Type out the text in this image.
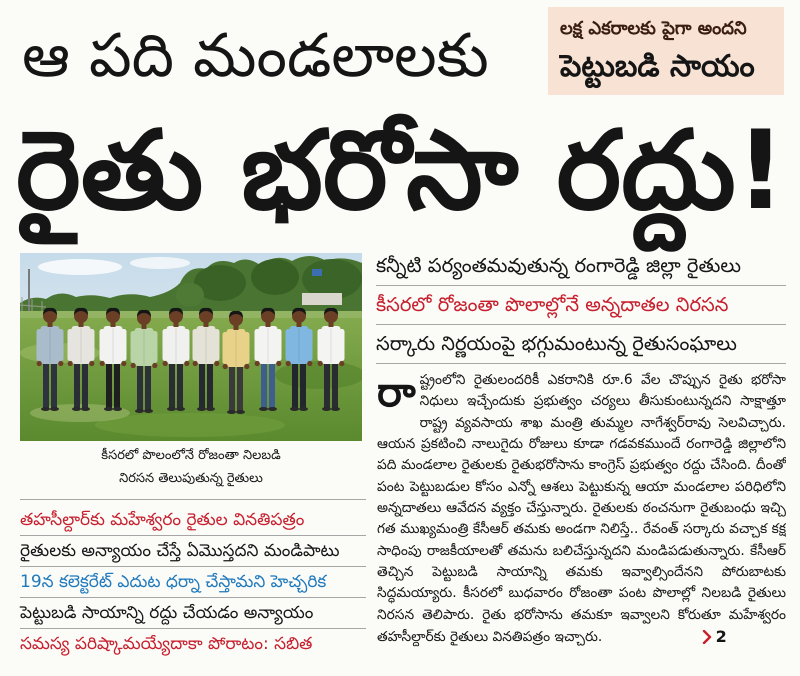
ఆ పది మండలాలకు	లక్ష ఎకరాలకు పైగా అందని
పెట్టుబడి సాయం
రైతు భరోసా రద్దు!
కీసరలో పొలంలోనే రోజంతా నిలబడి
నిరసన తెలుపుతున్న రైతులు
కన్నీటి పర్యంతమవుతున్న రంగారెడ్డి జిల్లా రైతులు
కీసరలో రోజంతా పొలాల్లోనే అన్నదాతల నిరసన
సర్కారు నిర్ణయంపై భగ్గుమంటున్న రైతుసంఘాలు
తహసీల్దార్‌కు మహేశ్వరం రైతుల వినతిపత్రం
రైతులకు అన్యాయం చేస్తే ఏమొస్తదని మండిపాటు
19న కలెక్టరేట్ ఎదుట ధర్నా చేస్తామని హెచ్చరిక
పెట్టుబడి సాయాన్ని రద్దు చేయడం అన్యాయం
సమస్య పరిష్కామయ్యేదాకా పోరాటం: సబిత
రాష్ట్రంలోని రైతులందరికీ ఎకరానికి రూ.6 వేల చొప్పున రైతు భరోసా నిధులు ఇచ్చేందుకు ప్రభుత్వం చర్యలు తీసుకుంటున్నదని సాక్షాత్తూ రాష్ట్ర వ్యవసాయ శాఖ మంత్రి తుమ్మల నాగేశ్వర్‌రావు సెలవిచ్చారు. ఆయన ప్రకటించి నాలుగైదు రోజులు కూడా గడవకముందే రంగారెడ్డి జిల్లాలోని పది మండలాల రైతులకు రైతుభరోసాను కాంగ్రెస్ ప్రభుత్వం రద్దు చేసింది. దీంతో పంట పెట్టుబడుల కోసం ఎన్నో ఆశలు పెట్టుకున్న ఆయా మండలాల పరిధిలోని అన్నదాతలు ఆవేదన వ్యక్తం చేస్తున్నారు. రైతులకు ఠంచనుగా రైతుబంధు ఇచ్చి గత ముఖ్యమంత్రి కేసీఆర్ తమకు అండగా నిలిస్తే.. రేవంత్ సర్కారు వచ్చాక కక్ష సాధింపు రాజకీయాలతో తమను బలిచేస్తున్నదని మండిపడుతున్నారు. కేసీఆర్ తెచ్చిన పెట్టుబడి సాయాన్ని తమకు ఇవ్వాల్సిందేనని పోరుబాటకు సిద్ధమయ్యారు. కీసరలో బుధవారం రోజంతా పంట పొలాల్లో నిలబడి రైతులు నిరసన తెలిపారు. రైతు భరోసాను తమకూ ఇవ్వాలని కోరుతూ మహేశ్వరం తహసీల్దార్‌కు రైతులు వినతిపత్రం ఇచ్చారు.	2
